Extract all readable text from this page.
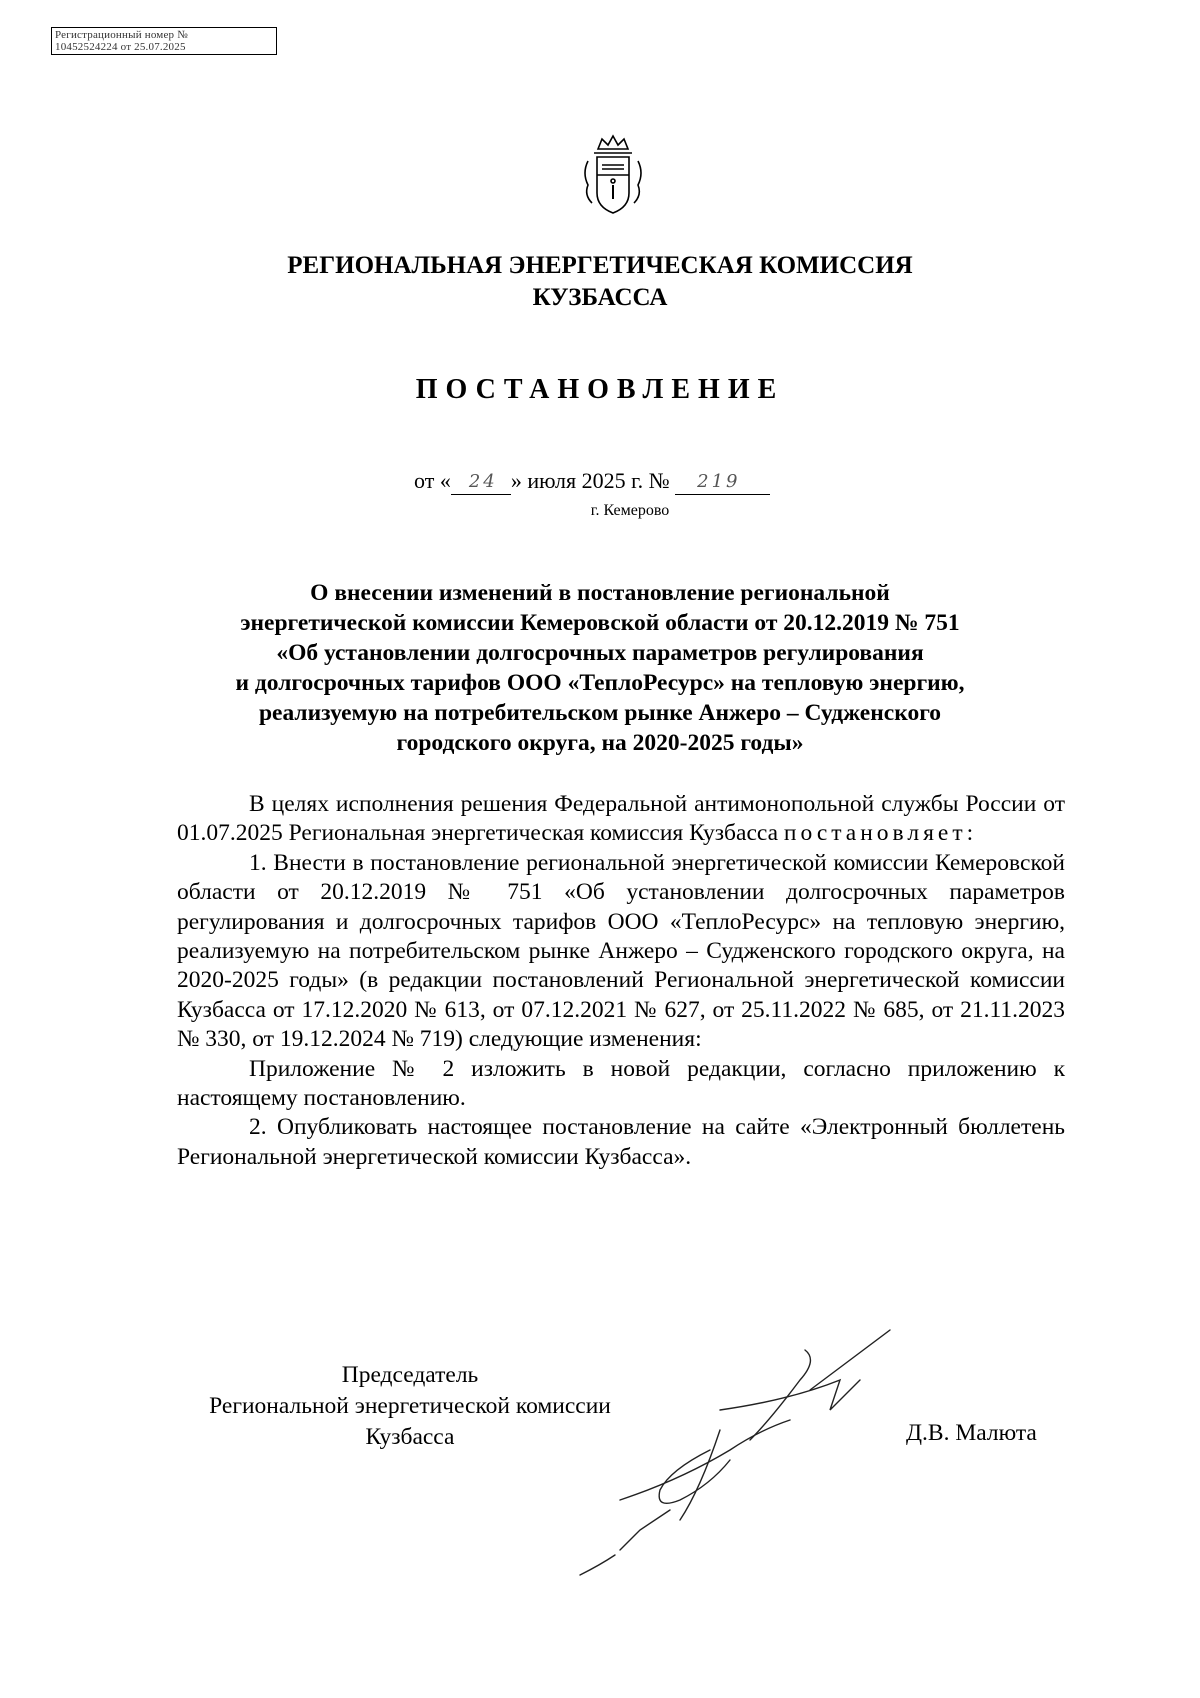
Регистрационный номер №
10452524224 от 25.07.2025
РЕГИОНАЛЬНАЯ ЭНЕРГЕТИЧЕСКАЯ КОМИССИЯ
КУЗБАССА
ПОСТАНОВЛЕНИЕ
от « 24 » июля 2025 г. № 219

г. Кемерово
О внесении изменений в постановление региональной
энергетической комиссии Кемеровской области от 20.12.2019 № 751
«Об установлении долгосрочных параметров регулирования
и долгосрочных тарифов ООО «ТеплоРесурс» на тепловую энергию,
реализуемую на потребительском рынке Анжеро – Судженского
городского округа, на 2020-2025 годы»

В целях исполнения решения Федеральной антимонопольной службы России от 01.07.2025 Региональная энергетическая комиссия Кузбасса постановляет:

1. Внести в постановление региональной энергетической комиссии Кемеровской области от 20.12.2019 № 751 «Об установлении долгосрочных параметров регулирования и долгосрочных тарифов ООО «ТеплоРесурс» на тепловую энергию, реализуемую на потребительском рынке Анжеро – Судженского городского округа, на 2020-2025 годы» (в редакции постановлений Региональной энергетической комиссии Кузбасса от 17.12.2020 № 613, от 07.12.2021 № 627, от 25.11.2022 № 685, от 21.11.2023 № 330, от 19.12.2024 № 719) следующие изменения:

Приложение № 2 изложить в новой редакции, согласно приложению к настоящему постановлению.

2. Опубликовать настоящее постановление на сайте «Электронный бюллетень Региональной энергетической комиссии Кузбасса».

Председатель
Региональной энергетической комиссии
Кузбасса	Д.В. Малюта
